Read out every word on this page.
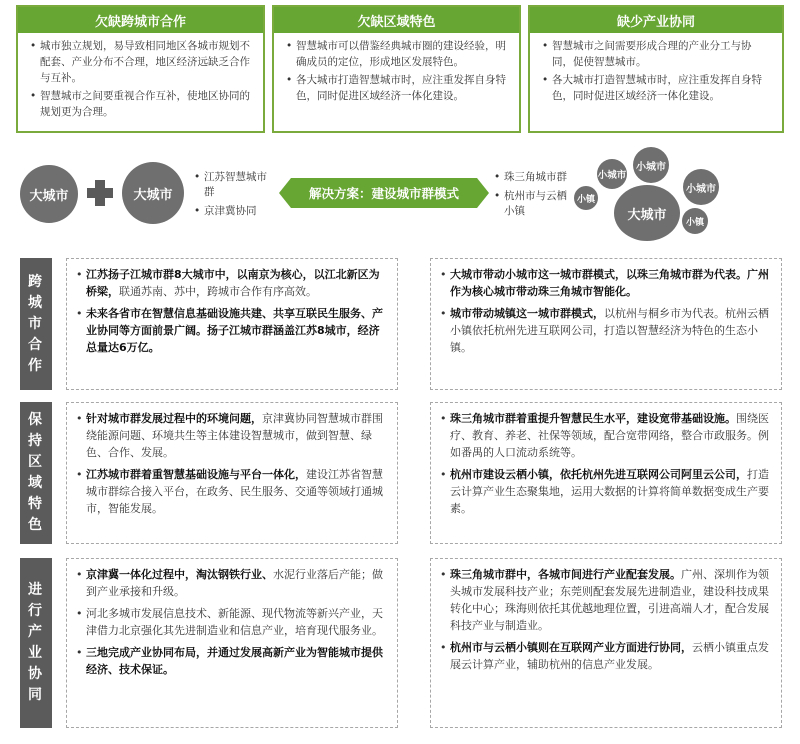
欠缺跨城市合作
• 城市独立规划，易导致相同地区各城市规划不配套、产业分布不合理，地区经济远缺乏合作与互补。
• 智慧城市之间要重视合作互补，使地区协同的规划更为合理。
欠缺区域特色
• 智慧城市可以借鉴经典城市圈的建设经验，明确成员的定位，形成地区发展特色。
• 各大城市打造智慧城市时，应注重发挥自身特色，同时促进区域经济一体化建设。
缺少产业协同
• 智慧城市之间需要形成合理的产业分工与协同，促使智慧城市。
• 各大城市打造智慧城市时，应注重发挥自身特色，同时促进区域经济一体化建设。
大城市	大城市
• 江苏智慧城市群
• 京津冀协同
解决方案：建设城市群模式
• 珠三角城市群
• 杭州市与云栖小镇
小城市
小城市
小城市
大城市
小镇
小镇
跨
城
市
合
作
• 江苏扬子江城市群8大城市中，以南京为核心，以江北新区为桥梁，联通苏南、苏中，跨城市合作有序高效。
• 未来各省市在智慧信息基础设施共建、共享互联民生服务、产业协同等方面前景广阔。扬子江城市群涵盖江苏8城市，经济总量达6万亿。
• 大城市带动小城市这一城市群模式，以珠三角城市群为代表。广州作为核心城市带动珠三角城市智能化。
• 城市带动城镇这一城市群模式，以杭州与桐乡市为代表。杭州云栖小镇依托杭州先进互联网公司，打造以智慧经济为特色的生态小镇。
保
持
区
域
特
色
• 针对城市群发展过程中的环境问题，京津冀协同智慧城市群围绕能源问题、环境共生等主体建设智慧城市，做到智慧、绿色、合作、发展。
• 江苏城市群着重智慧基础设施与平台一体化，建设江苏省智慧城市群综合接入平台，在政务、民生服务、交通等领域打通城市，智能发展。
• 珠三角城市群着重提升智慧民生水平，建设宽带基础设施。围绕医疗、教育、养老、社保等领域，配合宽带网络，整合市政服务。例如番禺的人口流动系统等。
• 杭州市建设云栖小镇，依托杭州先进互联网公司阿里云公司，打造云计算产业生态聚集地，运用大数据的计算将简单数据变成生产要素。
进
行
产
业
协
同
• 京津冀一体化过程中，淘汰钢铁行业、水泥行业落后产能；做到产业承接和升级。
• 河北多城市发展信息技术、新能源、现代物流等新兴产业，天津借力北京强化其先进制造业和信息产业，培育现代服务业。
• 三地完成产业协同布局，并通过发展高新产业为智能城市提供经济、技术保证。
• 珠三角城市群中，各城市间进行产业配套发展。广州、深圳作为领头城市发展科技产业；东莞则配套发展先进制造业，建设科技成果转化中心；珠海则依托其优越地理位置，引进高端人才，配合发展科技产业与制造业。
• 杭州市与云栖小镇则在互联网产业方面进行协同，云栖小镇重点发展云计算产业，辅助杭州的信息产业发展。
